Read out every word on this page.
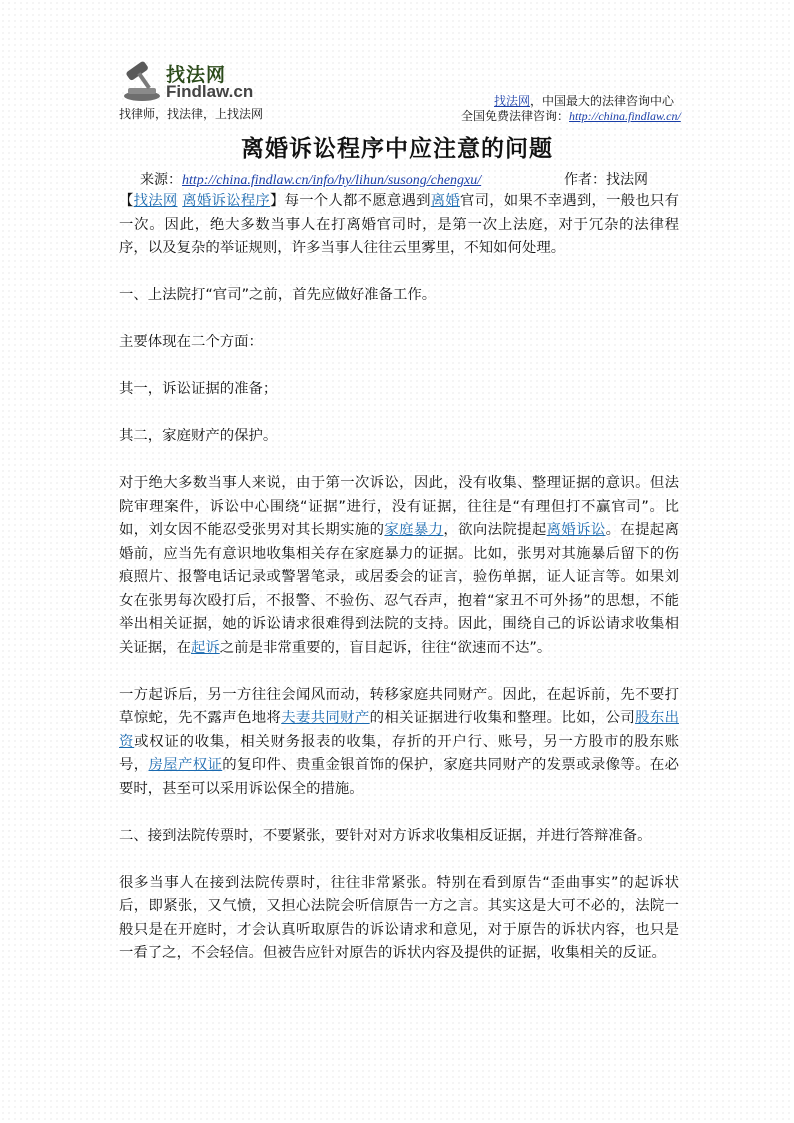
找法网
Findlaw.cn
找律师，找法律，上找法网
找法网，中国最大的法律咨询中心
全国免费法律咨询：http://china.findlaw.cn/
离婚诉讼程序中应注意的问题
来源：http://china.findlaw.cn/info/hy/lihun/susong/chengxu/	作者：找法网

【找法网 离婚诉讼程序】每一个人都不愿意遇到离婚官司，如果不幸遇到，一般也只有一次。因此，绝大多数当事人在打离婚官司时，是第一次上法庭，对于冗杂的法律程序，以及复杂的举证规则，许多当事人往往云里雾里，不知如何处理。

一、上法院打“官司”之前，首先应做好准备工作。

主要体现在二个方面：

其一，诉讼证据的准备；

其二，家庭财产的保护。

对于绝大多数当事人来说，由于第一次诉讼，因此，没有收集、整理证据的意识。但法院审理案件，诉讼中心围绕“证据”进行，没有证据，往往是“有理但打不赢官司”。比如，刘女因不能忍受张男对其长期实施的家庭暴力，欲向法院提起离婚诉讼。在提起离婚前，应当先有意识地收集相关存在家庭暴力的证据。比如，张男对其施暴后留下的伤痕照片、报警电话记录或警署笔录，或居委会的证言，验伤单据，证人证言等。如果刘女在张男每次殴打后，不报警、不验伤、忍气吞声，抱着“家丑不可外扬”的思想，不能举出相关证据，她的诉讼请求很难得到法院的支持。因此，围绕自己的诉讼请求收集相关证据，在起诉之前是非常重要的，盲目起诉，往往“欲速而不达”。

一方起诉后，另一方往往会闻风而动，转移家庭共同财产。因此，在起诉前，先不要打草惊蛇，先不露声色地将夫妻共同财产的相关证据进行收集和整理。比如，公司股东出资或权证的收集，相关财务报表的收集，存折的开户行、账号，另一方股市的股东账号，房屋产权证的复印件、贵重金银首饰的保护，家庭共同财产的发票或录像等。在必要时，甚至可以采用诉讼保全的措施。

二、接到法院传票时，不要紧张，要针对对方诉求收集相反证据，并进行答辩准备。

很多当事人在接到法院传票时，往往非常紧张。特别在看到原告“歪曲事实”的起诉状后，即紧张，又气愤，又担心法院会听信原告一方之言。其实这是大可不必的，法院一般只是在开庭时，才会认真听取原告的诉讼请求和意见，对于原告的诉状内容，也只是一看了之，不会轻信。但被告应针对原告的诉状内容及提供的证据，收集相关的反证。
